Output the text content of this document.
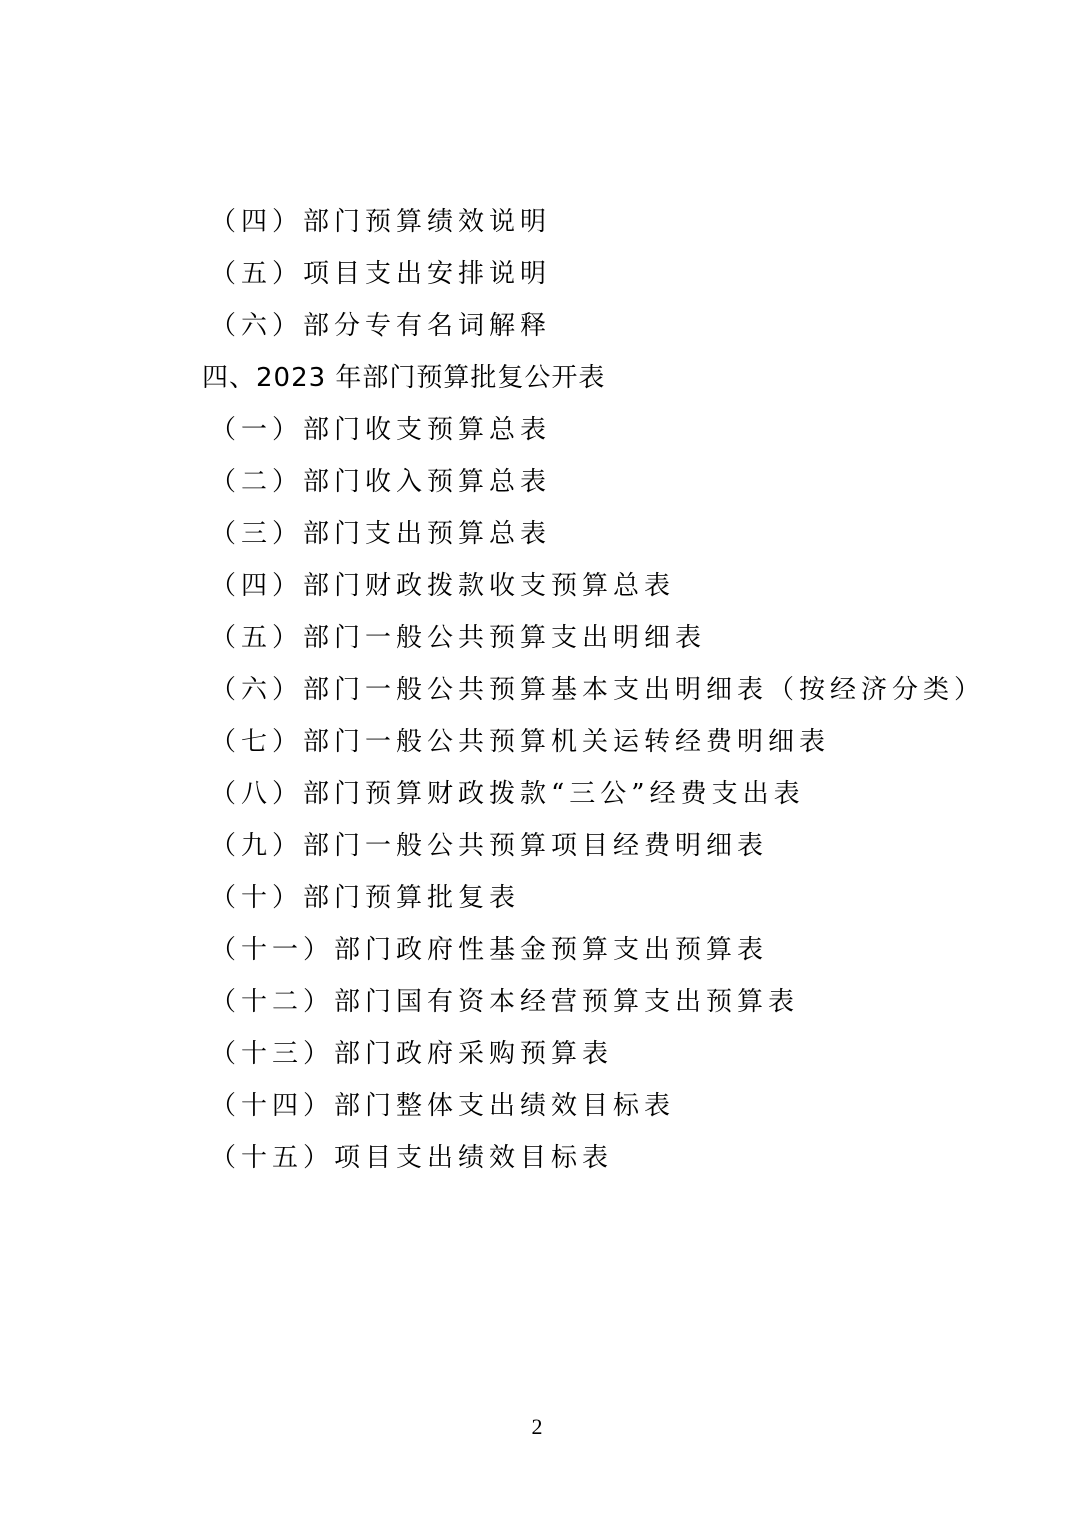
（四）部门预算绩效说明
（五）项目支出安排说明
（六）部分专有名词解释
四、2023 年部门预算批复公开表
（一）部门收支预算总表
（二）部门收入预算总表
（三）部门支出预算总表
（四）部门财政拨款收支预算总表
（五）部门一般公共预算支出明细表
（六）部门一般公共预算基本支出明细表（按经济分类）
（七）部门一般公共预算机关运转经费明细表
（八）部门预算财政拨款“三公”经费支出表
（九）部门一般公共预算项目经费明细表
（十）部门预算批复表
（十一）部门政府性基金预算支出预算表
（十二）部门国有资本经营预算支出预算表
（十三）部门政府采购预算表
（十四）部门整体支出绩效目标表
（十五）项目支出绩效目标表
2
